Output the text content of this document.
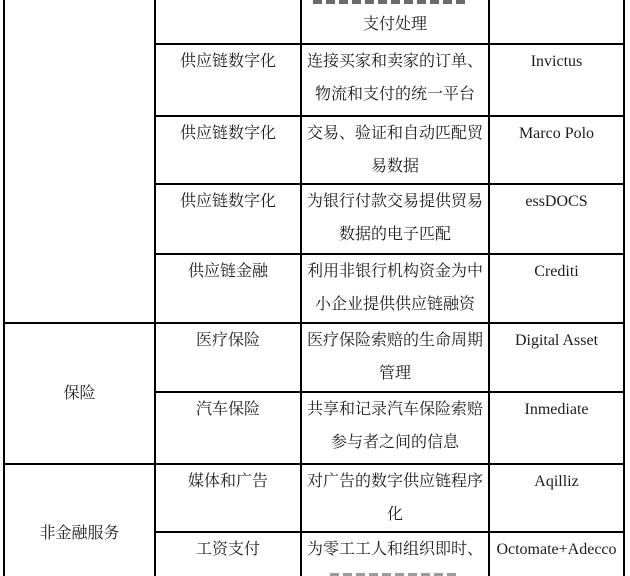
		支付处理	

	供应链数字化	连接买家和卖家的订单、
物流和支付的统一平台	Invictus
	供应链数字化	交易、验证和自动匹配贸
易数据	Marco Polo
	供应链数字化	为银行付款交易提供贸易
数据的电子匹配	essDOCS
	供应链金融	利用非银行机构资金为中
小企业提供供应链融资	Crediti
保险	医疗保险	医疗保险索赔的生命周期
管理	Digital Asset
	汽车保险	共享和记录汽车保险索赔
参与者之间的信息	Inmediate
非金融服务	媒体和广告	对广告的数字供应链程序
化	Aqilliz
	工资支付	为零工工人和组织即时、	Octomate+Adecco
